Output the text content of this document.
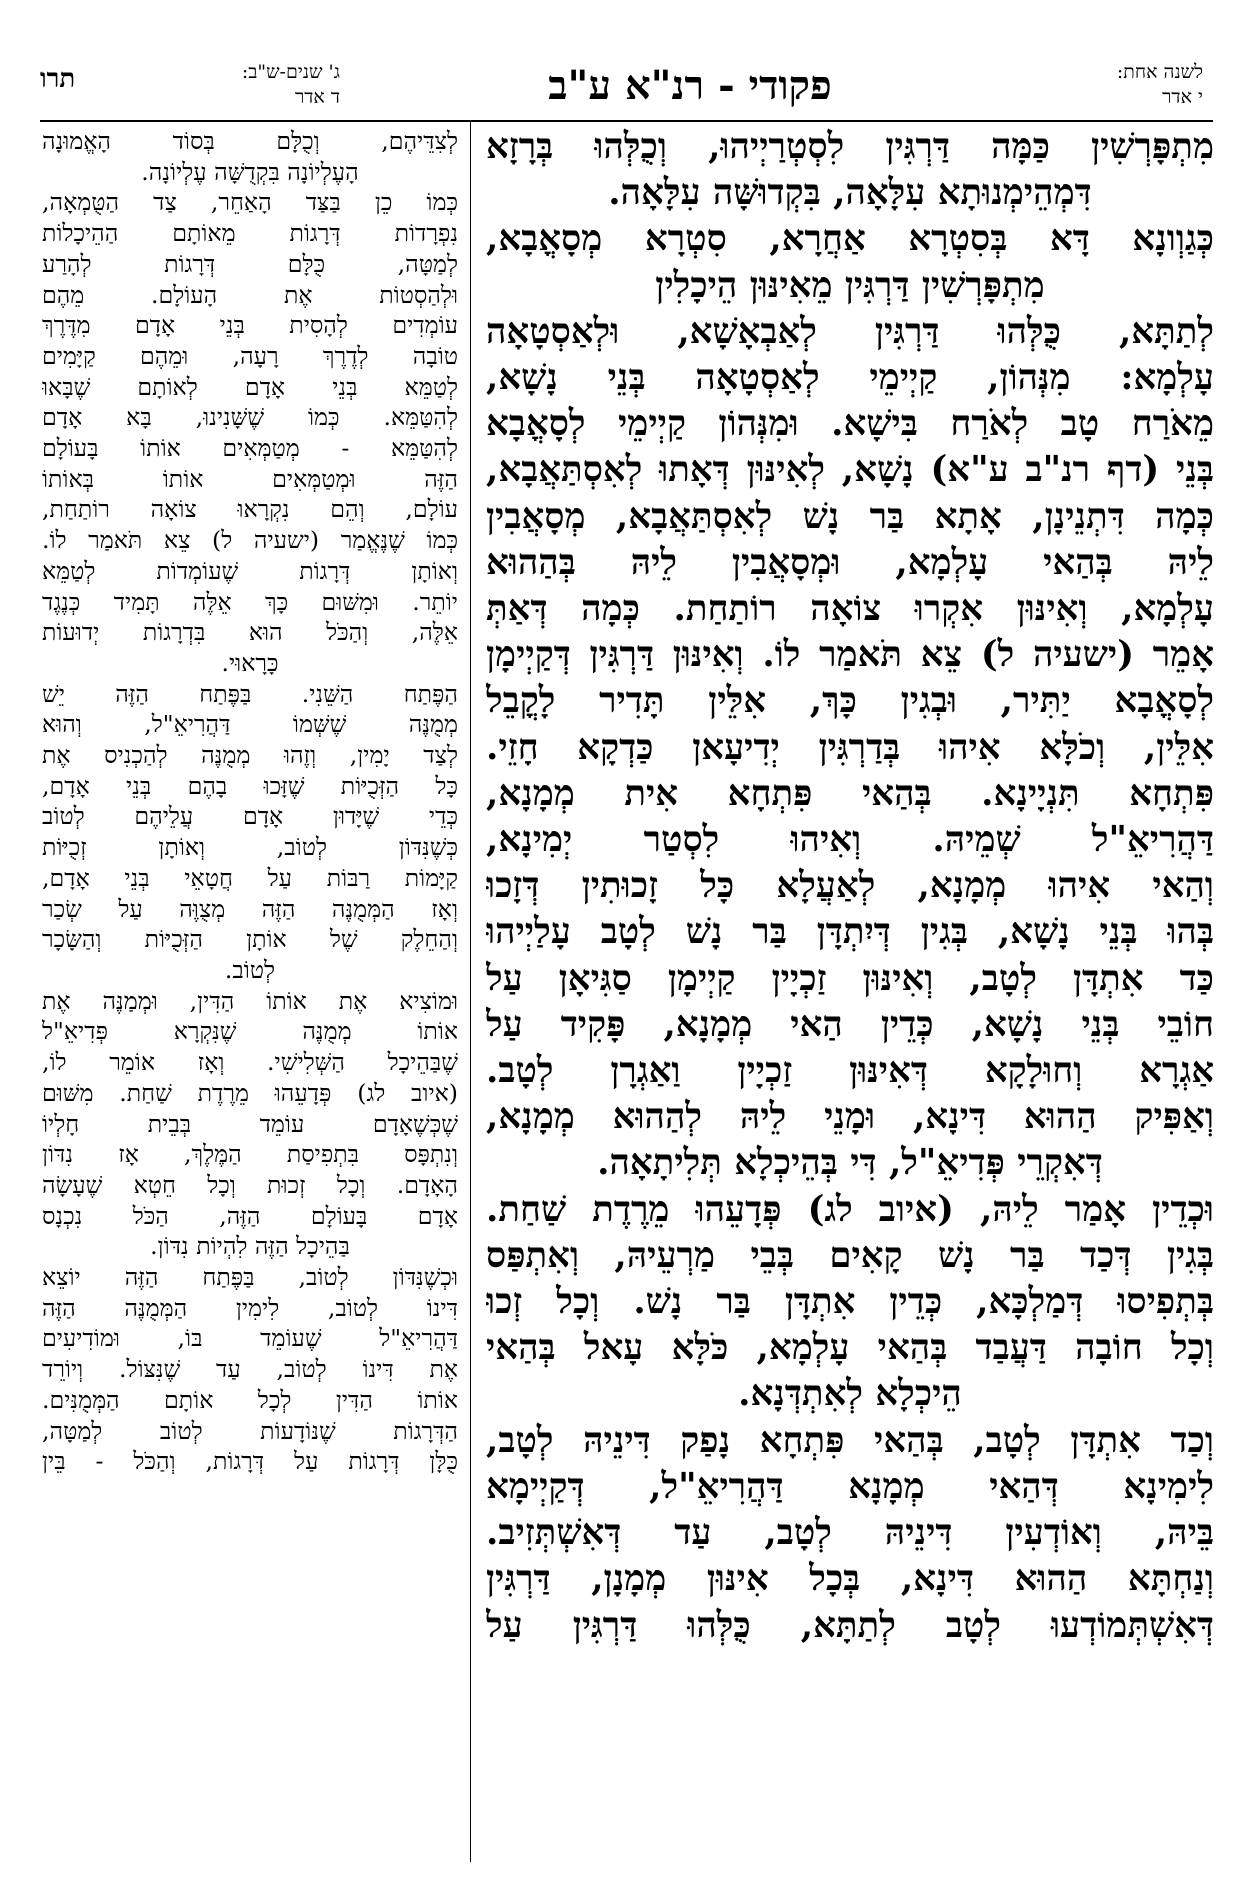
לשנה אחת:
י אדר
פקודי - רנ"א ע"ב
ג' שנים-ש"ב:
ד אדר
תרו
מִתְפָּרְשִׁין כַּמָּה דַּרְגִּין לִסְטְרַיְיהוּ, וְכֻלְּהוּ בְּרָזָא
דִּמְהֵימְנוּתָא עִלָּאָה, בִּקְדוּשָּׁה עִלָּאָה.
כְּגַוְונָא דָּא בְּסִטְרָא אַחֲרָא, סִטְרָא מְסָאֳבָא,
מִתְפָּרְשִׁין דַּרְגִּין מֵאִינּוּן הֵיכָלִין
לְתַתָּא, כֻּלְּהוּ דַּרְגִּין לְאַבְאָשָׁא, וּלְאַסְטָאָה
עָלְמָא: מִנְּהוֹן, קַיְימֵי לְאַסְטָאָה בְּנֵי נָשָׁא,
מֵאֹרַח טָב לְאֹרַח בִּישָׁא. וּמִנְּהוֹן קַיְימֵי לְסָאֳבָא
בְּנֵי (דף רנ"ב ע"א) נָשָׁא, לְאִינּוּן דְּאָתוּ לְאִסְתַּאֲבָא,
כְּמָה דִּתְנֵינָן, אָתָא בַּר נָשׁ לְאִסְתַּאֲבָא, מְסָאֲבִין
לֵיהּ בְּהַאי עָלְמָא, וּמְסָאֲבִין לֵיהּ בְּהַהוּא
עָלְמָא, וְאִינּוּן אִקְרוּ צוֹאָה רוֹתַחַת. כְּמָה דְּאַתְּ
אָמֵר (ישעיה ל) צֵא תֹּאמַר לוֹ. וְאִינּוּן דַּרְגִּין דְּקַיְימָן
לְסָאֳבָא יַתִּיר, וּבְגִין כָּךְ, אִלֵּין תָּדִיר לָקֳבֵל
אִלֵּין, וְכֹלָּא אִיהוּ בְּדַרְגִּין יְדִיעָאן כַּדְקָא חָזֵי.
פִּתְחָא תִּנְיָינָא. בְּהַאי פִּתְחָא אִית מְמָנָא,
דַּהֲרִיאֵ"ל שְׁמֵיהּ. וְאִיהוּ לִסְטַר יְמִינָא,
וְהַאי אִיהוּ מְמָנָא, לְאַעֲלָא כָּל זָכוּתִין דְּזָכוּ
בְּהוּ בְּנֵי נָשָׁא, בְּגִין דְּיִתְדָּן בַּר נָשׁ לְטָב עָלַיְיהוּ
כַּד אִתְדָּן לְטָב, וְאִינּוּן זַכְיָין קַיְימָן סַגִּיאָן עַל
חוֹבֵי בְּנֵי נָשָׁא, כְּדֵין הַאי מְמָנָא, פָּקִיד עַל
אַגְרָא וְחוּלָקָא דְּאִינּוּן זַכְיָין וַאַגְרָן לְטָב.
וְאַפִּיק הַהוּא דִּינָא, וּמָנֵי לֵיהּ לְהַהוּא מְמָנָא,
דְּאִקְרֵי פְּדִיאֵ"ל, דִּי בְּהֵיכְלָא תְּלִיתָאָה.
וּכְדֵין אָמַר לֵיהּ, (איוב לג) פְּדָעֵהוּ מֵרֶדֶת שַׁחַת.
בְּגִין דְּכַד בַּר נָשׁ קָאִים בְּבֵי מַרְעֵיהּ, וְאִתְפַּס
בְּתְפִיסוּ דְּמַלְכָּא, כְּדֵין אִתְדָּן בַּר נָשׁ. וְכָל זְכוּ
וְכָל חוֹבָה דַּעֲבַד בְּהַאי עָלְמָא, כֹּלָּא עָאל בְּהַאי
הֵיכְלָא לְאִתְדְּנָא.
וְכַד אִתְדָּן לְטָב, בְּהַאי פִּתְחָא נָפַק דִּינֵיהּ לְטָב,
לִימִינָא דְּהַאי מְמָנָא דַּהֲרִיאֵ"ל, דְּקַיְימָא
בֵּיהּ, וְאוֹדְעִין דִּינֵיהּ לְטָב, עַד דְּאִשְׁתְּזִיב.
וְנַחְתָּא הַהוּא דִּינָא, בְּכָל אִינּוּן מְמָנָן, דַּרְגִּין
דְּאִשְׁתְּמוֹדְעוּ לְטָב לְתַתָּא, כֻּלְּהוּ דַּרְגִּין עַל
לְצִדֵּיהֶם, וְכֻלָּם בְּסוֹד הָאֱמוּנָה
הָעֶלְיוֹנָה בִּקְדֻשָּׁה עֶלְיוֹנָה.
כְּמוֹ כֵן בַּצַּד הָאַחֵר, צַד הַטֻּמְאָה,
נִפְרָדוֹת דְּרָגוֹת מֵאוֹתָם הַהֵיכָלוֹת
לְמַטָּה, כֻּלָּם דְּרָגוֹת לְהָרַע
וּלְהַסְטוֹת אֶת הָעוֹלָם. מֵהֶם
עוֹמְדִים לְהָסִית בְּנֵי אָדָם מִדֶּרֶךְ
טוֹבָה לְדֶרֶךְ רָעָה, וּמֵהֶם קַיָּמִים
לְטַמֵּא בְּנֵי אָדָם לְאוֹתָם שֶׁבָּאוּ
לְהִטַּמֵּא. כְּמוֹ שֶׁשָּׁנִינוּ, בָּא אָדָם
לְהִטַּמֵּא - מְטַמְּאִים אוֹתוֹ בָּעוֹלָם
הַזֶּה וּמְטַמְּאִים אוֹתוֹ בְּאוֹתוֹ
עוֹלָם, וְהֵם נִקְרָאוּ צוֹאָה רוֹתַחַת,
כְּמוֹ שֶׁנֶּאֱמַר (ישעיה ל) צֵא תֹּאמַר לוֹ.
וְאוֹתָן דְּרָגוֹת שֶׁעוֹמְדוֹת לְטַמֵּא
יוֹתֵר. וּמִשּׁוּם כָּךְ אֵלֶּה תָּמִיד כְּנֶגֶד
אֵלֶּה, וְהַכֹּל הוּא בִּדְרָגוֹת יְדוּעוֹת
כָּרָאוּי.
הַפֶּתַח הַשֵּׁנִי. בַּפֶּתַח הַזֶּה יֵשׁ
מְמֻנֶּה שֶׁשְּׁמוֹ דַּהֲרִיאֵ"ל, וְהוּא
לְצַד יָמִין, וְזֶהוּ מְמֻנֶּה לְהַכְנִיס אֶת
כָּל הַזְּכֻיּוֹת שֶׁזָּכוּ בָהֶם בְּנֵי אָדָם,
כְּדֵי שֶׁיָּדוּן אָדָם עֲלֵיהֶם לְטוֹב
כְּשֶׁנִּדּוֹן לְטוֹב, וְאוֹתָן זְכֻיּוֹת
קַיָּמוֹת רַבּוֹת עַל חֲטָאֵי בְּנֵי אָדָם,
וְאָז הַמְּמֻנֶּה הַזֶּה מְצֻוֶּה עַל שְׂכַר
וְהַחֵלֶק שֶׁל אוֹתָן הַזְּכֻיּוֹת וְהַשָּׂכָר
לְטוֹב.
וּמוֹצִיא אֶת אוֹתוֹ הַדִּין, וּמְמַנֶּה אֶת
אוֹתוֹ מְמֻנֶּה שֶׁנִּקְרָא פְּדִיאֵ"ל
שֶׁבַּהֵיכָל הַשְּׁלִישִׁי. וְאָז אוֹמֵר לוֹ,
(איוב לג) פְּדָעֵהוּ מֵרֶדֶת שַׁחַת. מִשּׁוּם
שֶׁכְּשֶׁאָדָם עוֹמֵד בְּבֵית חָלְיוֹ
וְנִתְפָּס בִּתְפִיסַת הַמֶּלֶךְ, אָז נִדּוֹן
הָאָדָם. וְכָל זְכוּת וְכָל חֵטְא שֶׁעָשָׂה
אָדָם בָּעוֹלָם הַזֶּה, הַכֹּל נִכְנָס
בַּהֵיכָל הַזֶּה לִהְיוֹת נִדּוֹן.
וּכְשֶׁנִּדּוֹן לְטוֹב, בַּפֶּתַח הַזֶּה יוֹצֵא
דִּינוֹ לְטוֹב, לִימִין הַמְּמֻנֶּה הַזֶּה
דַּהֲרִיאֵ"ל שֶׁעוֹמֵד בּוֹ, וּמוֹדִיעִים
אֶת דִּינוֹ לְטוֹב, עַד שֶׁנִּצּוֹל. וְיוֹרֵד
אוֹתוֹ הַדִּין לְכָל אוֹתָם הַמְּמֻנִּים.
הַדְּרָגוֹת שֶׁנּוֹדָעוֹת לְטוֹב לְמַטָּה,
כֻּלָּן דְּרָגוֹת עַל דְּרָגוֹת, וְהַכֹּל - בֵּין
